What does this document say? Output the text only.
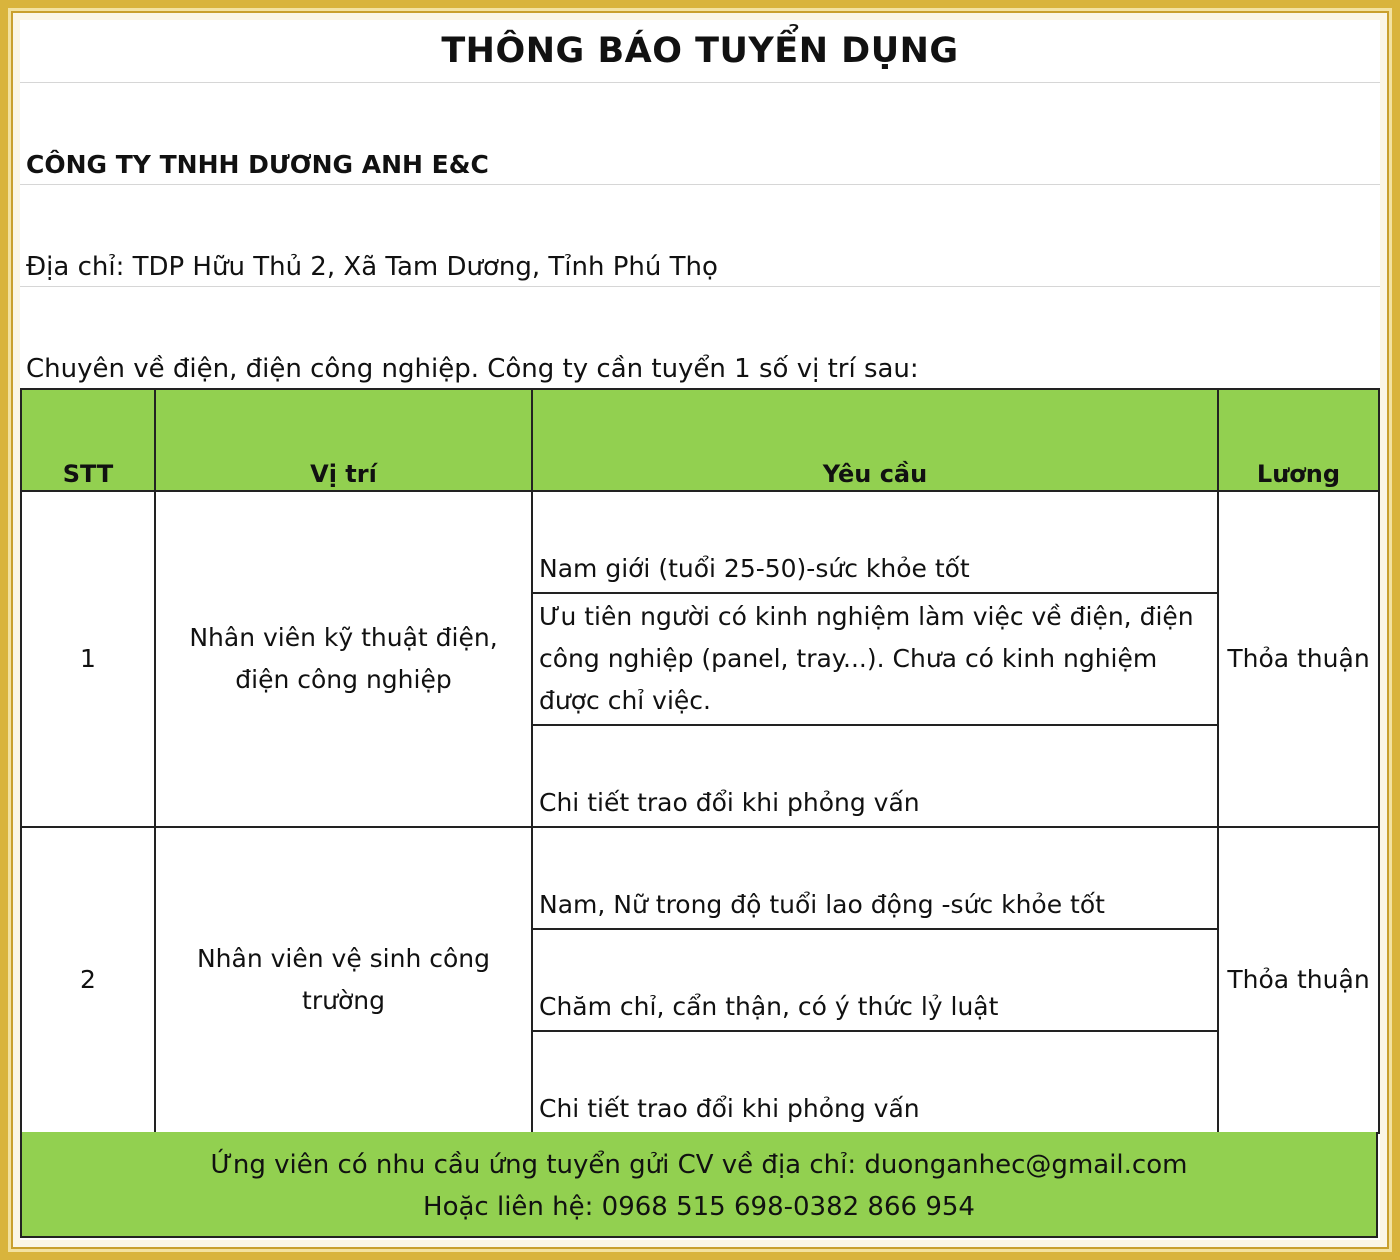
THÔNG BÁO TUYỂN DỤNG
CÔNG TY TNHH DƯƠNG ANH E&C
Địa chỉ: TDP Hữu Thủ 2, Xã Tam Dương, Tỉnh Phú Thọ
Chuyên về điện, điện công nghiệp. Công ty cần tuyển 1 số vị trí sau:
STT	Vị trí	Yêu cầu	Lương
1	Nhân viên kỹ thuật điện, điện công nghiệp	Nam giới (tuổi 25-50)-sức khỏe tốt	Thỏa thuận
		Ưu tiên người có kinh nghiệm làm việc về điện, điện công nghiệp (panel, tray...). Chưa có kinh nghiệm được chỉ việc.	
		Chi tiết trao đổi khi phỏng vấn	
2	Nhân viên vệ sinh công trường	Nam, Nữ trong độ tuổi lao động -sức khỏe tốt	Thỏa thuận
		Chăm chỉ, cẩn thận, có ý thức lỷ luật	
		Chi tiết trao đổi khi phỏng vấn	
Ứng viên có nhu cầu ứng tuyển gửi CV về địa chỉ: duonganhec@gmail.com
Hoặc liên hệ: 0968 515 698-0382 866 954
